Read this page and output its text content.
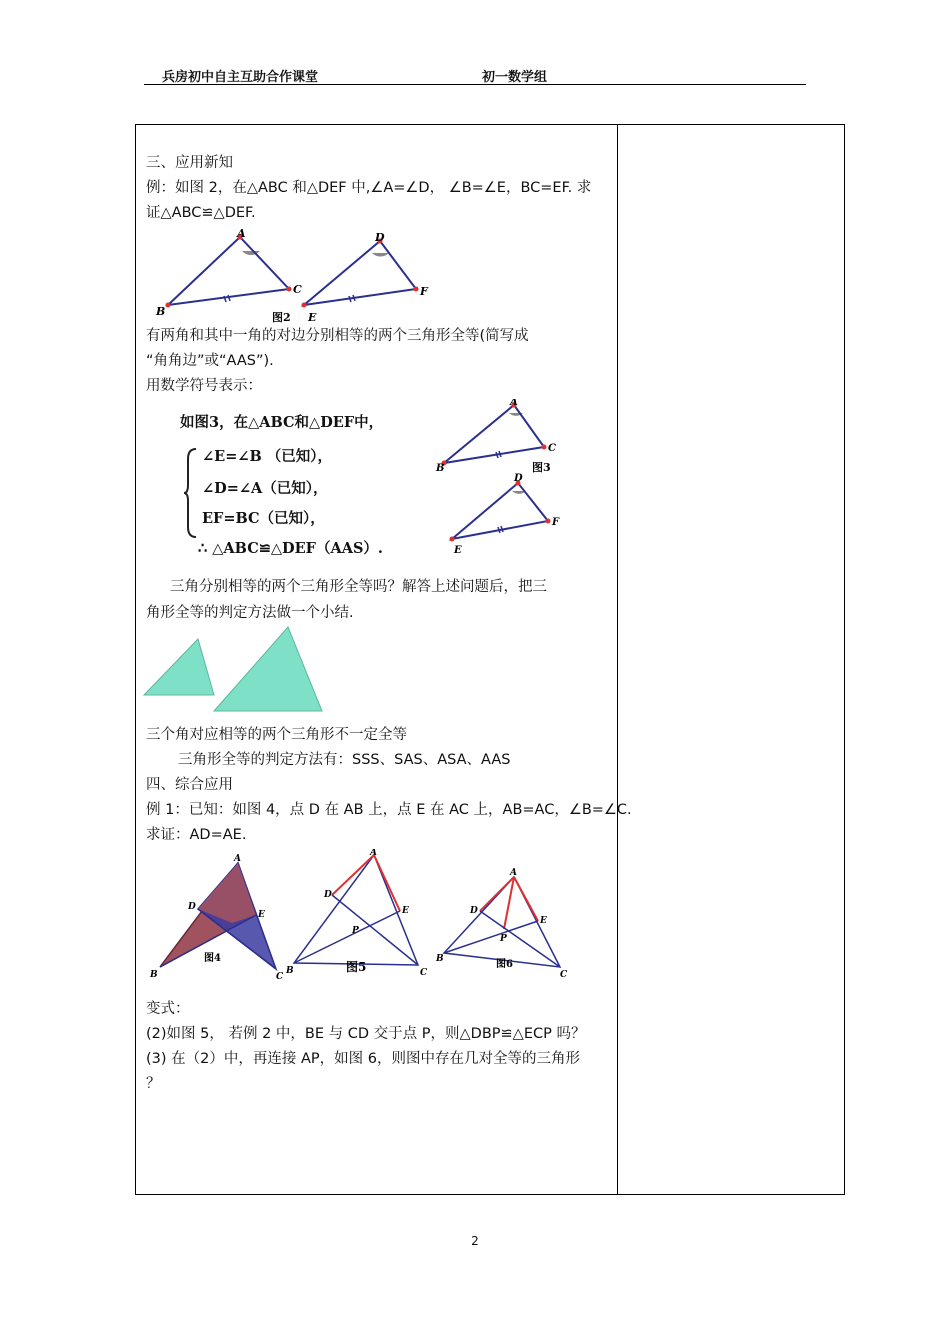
兵房初中自主互助合作课堂	初一数学组
三、应用新知
例：如图 2，在△ABC 和△DEF 中,∠A=∠D， ∠B=∠E，BC=EF. 求
证△ABC≌△DEF.
A
B
C
图2
D
E
F
有两角和其中一角的对边分别相等的两个三角形全等(简写成
“角角边”或“AAS”).
用数学符号表示：
如图3，在△ABC和△DEF中，
∠E=∠B （已知），
∠D=∠A（已知），
EF=BC（已知），
∴ △ABC≌△DEF（AAS）.
A
B
C
图3
D
E
F
三角分别相等的两个三角形全等吗？解答上述问题后，把三
角形全等的判定方法做一个小结.
三个角对应相等的两个三角形不一定全等
三角形全等的判定方法有：SSS、SAS、ASA、AAS
四、综合应用
例 1：已知：如图 4，点 D 在 AB 上，点 E 在 AC 上，AB=AC，∠B=∠C.
求证：AD=AE.
A
D
E
B	C
图4
A
D
E
P
B	C
图5
A
D
E
P
B
C
图6
变式：
(2)如图 5， 若例 2 中，BE 与 CD 交于点 P，则△DBP≌△ECP 吗？
(3) 在（2）中，再连接 AP，如图 6，则图中存在几对全等的三角形
？
2
